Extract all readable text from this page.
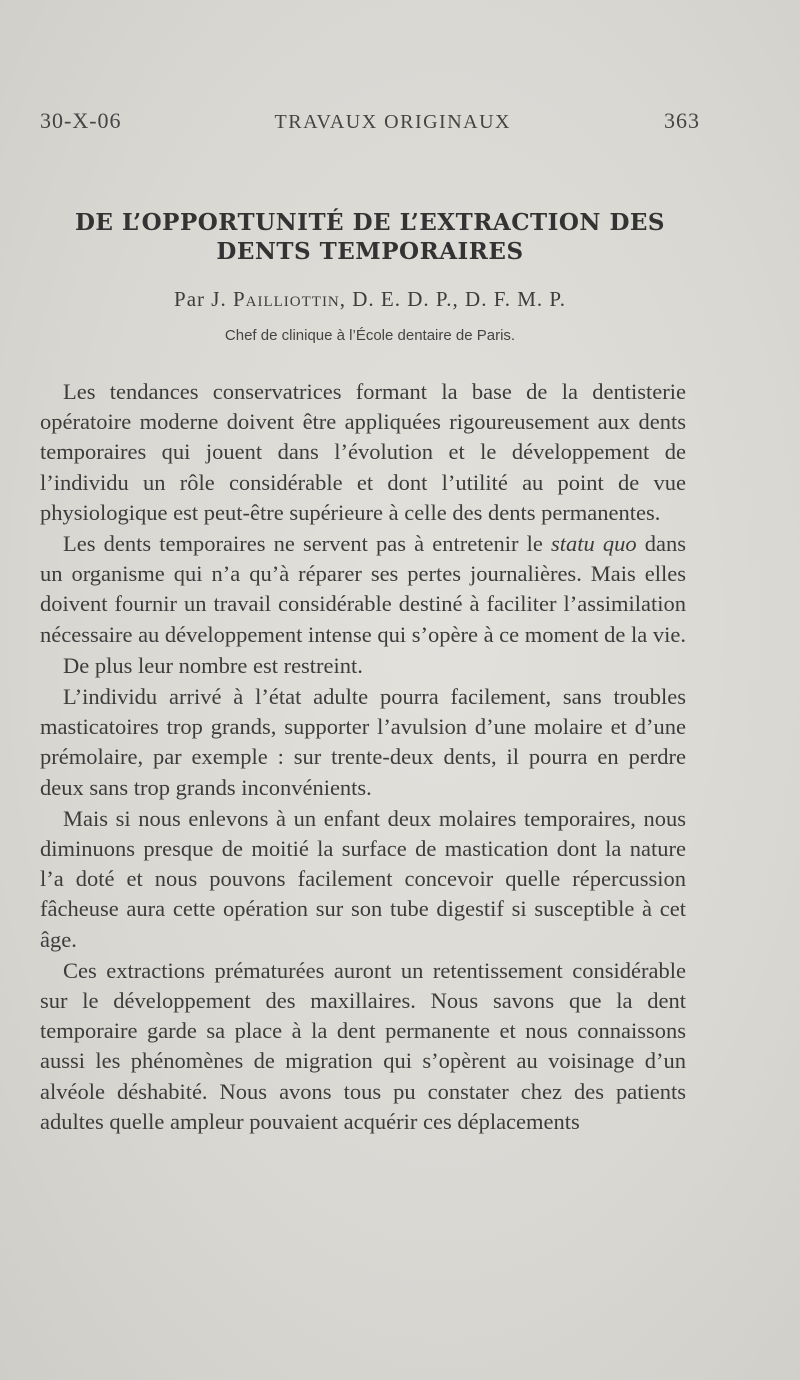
30-X-06	TRAVAUX ORIGINAUX	363
DE L’OPPORTUNITÉ DE L’EXTRACTION DES
DENTS TEMPORAIRES
Par J. Pailliottin, D. E. D. P., D. F. M. P.
Chef de clinique à l’École dentaire de Paris.

Les tendances conservatrices formant la base de la dentisterie opératoire moderne doivent être appliquées rigoureusement aux dents temporaires qui jouent dans l’évolution et le développement de l’individu un rôle considérable et dont l’utilité au point de vue physiologique est peut-être supérieure à celle des dents permanentes.

Les dents temporaires ne servent pas à entretenir le statu quo dans un organisme qui n’a qu’à réparer ses pertes journalières. Mais elles doivent fournir un travail considérable destiné à faciliter l’assimilation nécessaire au développement intense qui s’opère à ce moment de la vie.

De plus leur nombre est restreint.

L’individu arrivé à l’état adulte pourra facilement, sans troubles masticatoires trop grands, supporter l’avulsion d’une molaire et d’une prémolaire, par exemple : sur trente-deux dents, il pourra en perdre deux sans trop grands inconvénients.

Mais si nous enlevons à un enfant deux molaires temporaires, nous diminuons presque de moitié la surface de mastication dont la nature l’a doté et nous pouvons facilement concevoir quelle répercussion fâcheuse aura cette opération sur son tube digestif si susceptible à cet âge.

Ces extractions prématurées auront un retentissement considérable sur le développement des maxillaires. Nous savons que la dent temporaire garde sa place à la dent permanente et nous connaissons aussi les phénomènes de migration qui s’opèrent au voisinage d’un alvéole déshabité. Nous avons tous pu constater chez des patients adultes quelle ampleur pouvaient acquérir ces déplacements
